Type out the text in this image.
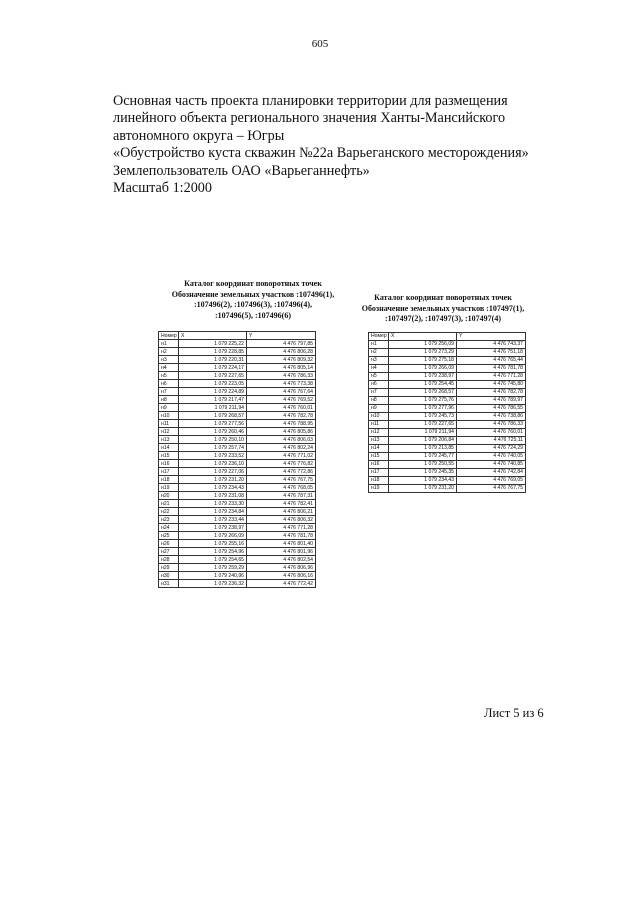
605
Основная часть проекта планировки территории для размещения
линейного объекта регионального значения Ханты-Мансийского
автономного округа – Югры
«Обустройство куста скважин №22а Варьеганского месторождения»
Землепользователь ОАО «Варьеганнефть»
Масштаб 1:2000
Каталог координат поворотных точек
Обозначение земельных участков :107496(1),
:107496(2), :107496(3), :107496(4),
:107496(5), :107496(6)
Номер	X	Y
н1	1 079 225,22	4 476 797,85
н2	1 079 228,85	4 476 806,28
н3	1 079 220,31	4 476 809,32
н4	1 079 224,17	4 476 805,14
н5	1 079 227,65	4 476 786,33
н6	1 079 223,05	4 476 773,38
н7	1 079 224,89	4 476 767,64
н8	1 079 217,47	4 476 769,52
н9	1 079 211,94	4 476 760,01
н10	1 079 268,57	4 476 782,78
н11	1 079 277,56	4 476 788,95
н12	1 079 260,46	4 476 805,86
н13	1 079 250,10	4 476 806,03
н14	1 079 257,74	4 476 802,24
н15	1 079 233,52	4 476 771,02
н16	1 079 236,10	4 476 776,82
н17	1 079 227,06	4 476 772,86
н18	1 079 231,20	4 476 767,75
н19	1 079 234,43	4 476 768,05
н20	1 079 231,08	4 476 787,31
н21	1 079 233,30	4 476 782,41
н22	1 079 234,84	4 476 806,21
н23	1 079 233,44	4 476 806,32
н24	1 079 238,97	4 476 771,28
н25	1 079 266,09	4 476 781,78
н26	1 079 255,16	4 476 801,40
н27	1 079 254,96	4 476 801,96
н28	1 079 254,65	4 476 802,54
н29	1 079 259,29	4 476 806,96
н30	1 079 240,96	4 476 806,16
н31	1 079 236,32	4 476 772,42
Каталог координат поворотных точек
Обозначение земельных участков :107497(1),
:107497(2), :107497(3), :107497(4)
Номер	X	Y
н1	1 079 256,09	4 476 743,37
н2	1 079 273,29	4 476 751,18
н3	1 079 275,18	4 476 765,44
н4	1 079 266,09	4 476 781,78
н5	1 079 238,97	4 476 771,28
н6	1 079 254,45	4 476 745,80
н7	1 079 268,57	4 476 782,78
н8	1 079 275,76	4 476 789,97
н9	1 079 277,96	4 476 786,55
н10	1 079 245,73	4 476 738,86
н11	1 079 227,65	4 476 786,33
н12	1 079 211,94	4 476 760,01
н13	1 079 206,84	4 476 725,11
н14	1 079 213,85	4 476 724,29
н15	1 079 245,77	4 476 740,05
н16	1 079 250,55	4 476 740,85
н17	1 079 245,35	4 476 742,84
н18	1 079 234,43	4 476 769,05
н19	1 079 231,20	4 476 767,75
Лист 5 из 6
